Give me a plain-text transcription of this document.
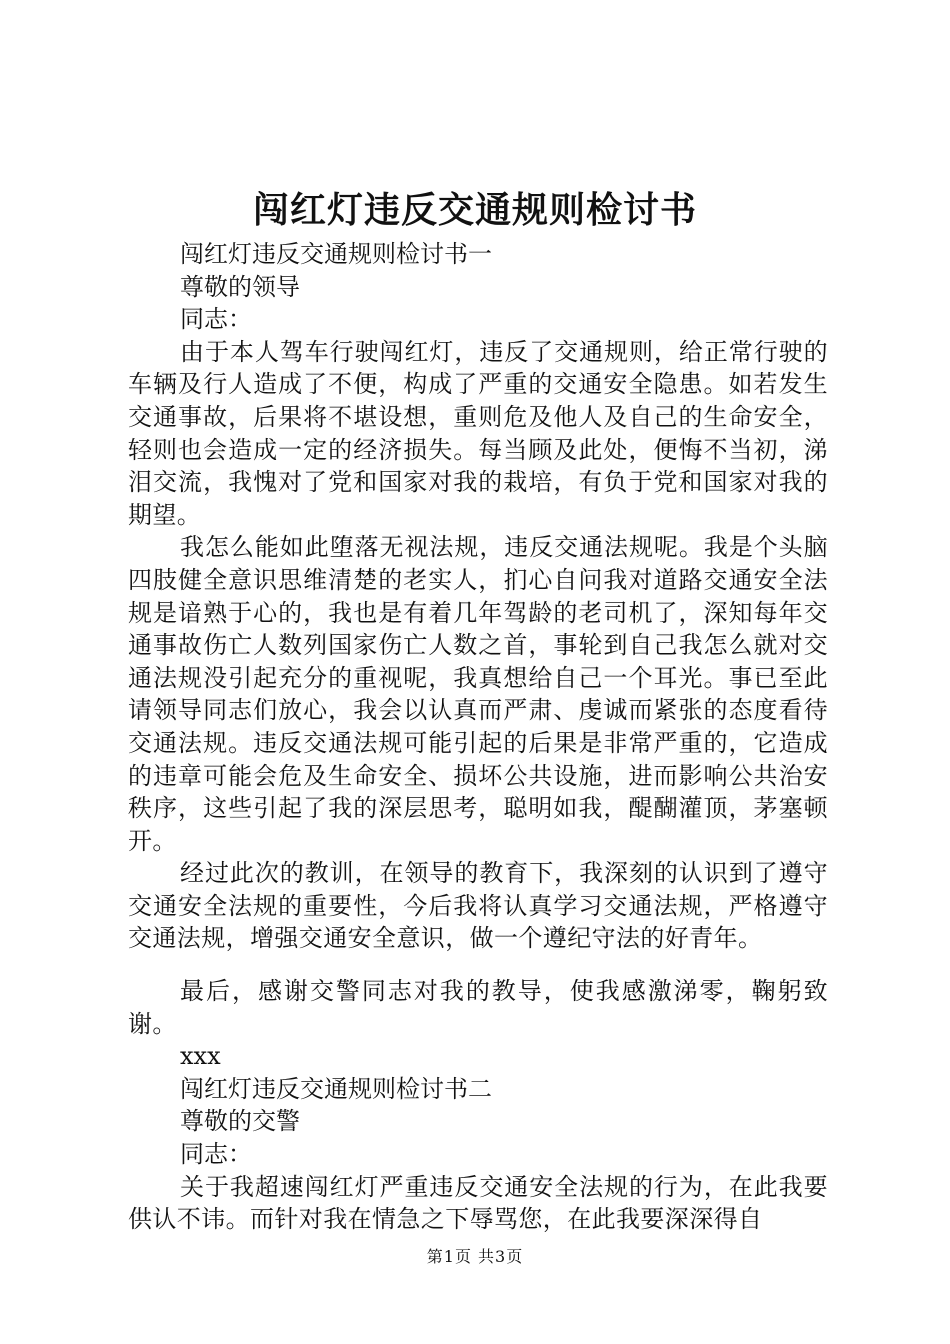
闯红灯违反交通规则检讨书
闯红灯违反交通规则检讨书一
尊敬的领导
同志：

由于本人驾车行驶闯红灯，违反了交通规则，给正常行驶的车辆及行人造成了不便，构成了严重的交通安全隐患。如若发生交通事故，后果将不堪设想，重则危及他人及自己的生命安全，轻则也会造成一定的经济损失。每当顾及此处，便悔不当初，涕泪交流，我愧对了党和国家对我的栽培，有负于党和国家对我的期望。

我怎么能如此堕落无视法规，违反交通法规呢。我是个头脑四肢健全意识思维清楚的老实人，扪心自问我对道路交通安全法规是谙熟于心的，我也是有着几年驾龄的老司机了，深知每年交通事故伤亡人数列国家伤亡人数之首，事轮到自己我怎么就对交通法规没引起充分的重视呢，我真想给自己一个耳光。事已至此请领导同志们放心，我会以认真而严肃、虔诚而紧张的态度看待交通法规。违反交通法规可能引起的后果是非常严重的，它造成的违章可能会危及生命安全、损坏公共设施，进而影响公共治安秩序，这些引起了我的深层思考，聪明如我，醍醐灌顶，茅塞顿开。

经过此次的教训，在领导的教育下，我深刻的认识到了遵守交通安全法规的重要性，今后我将认真学习交通法规，严格遵守交通法规，增强交通安全意识，做一个遵纪守法的好青年。

最后，感谢交警同志对我的教导，使我感激涕零，鞠躬致谢。

xxx
闯红灯违反交通规则检讨书二
尊敬的交警
同志：

关于我超速闯红灯严重违反交通安全法规的行为，在此我要供认不讳。而针对我在情急之下辱骂您，在此我要深深得自

第1页 共3页
